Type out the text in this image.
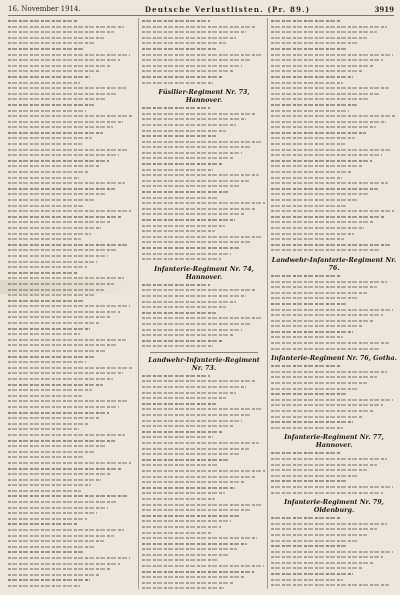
16. November 1914.	Deutsche Verlustlisten. (Pr. 89.)	3919
Füsilier-Regiment Nr. 73, Hannover.
Infanterie-Regiment Nr. 74, Hannover.
Landwehr-Infanterie-Regiment Nr. 73.
Landwehr-Infanterie-Regiment Nr. 76.
Infanterie-Regiment Nr. 76, Gotha.
Infanterie-Regiment Nr. 77, Hannover.
Infanterie-Regiment Nr. 79, Oldenburg.
